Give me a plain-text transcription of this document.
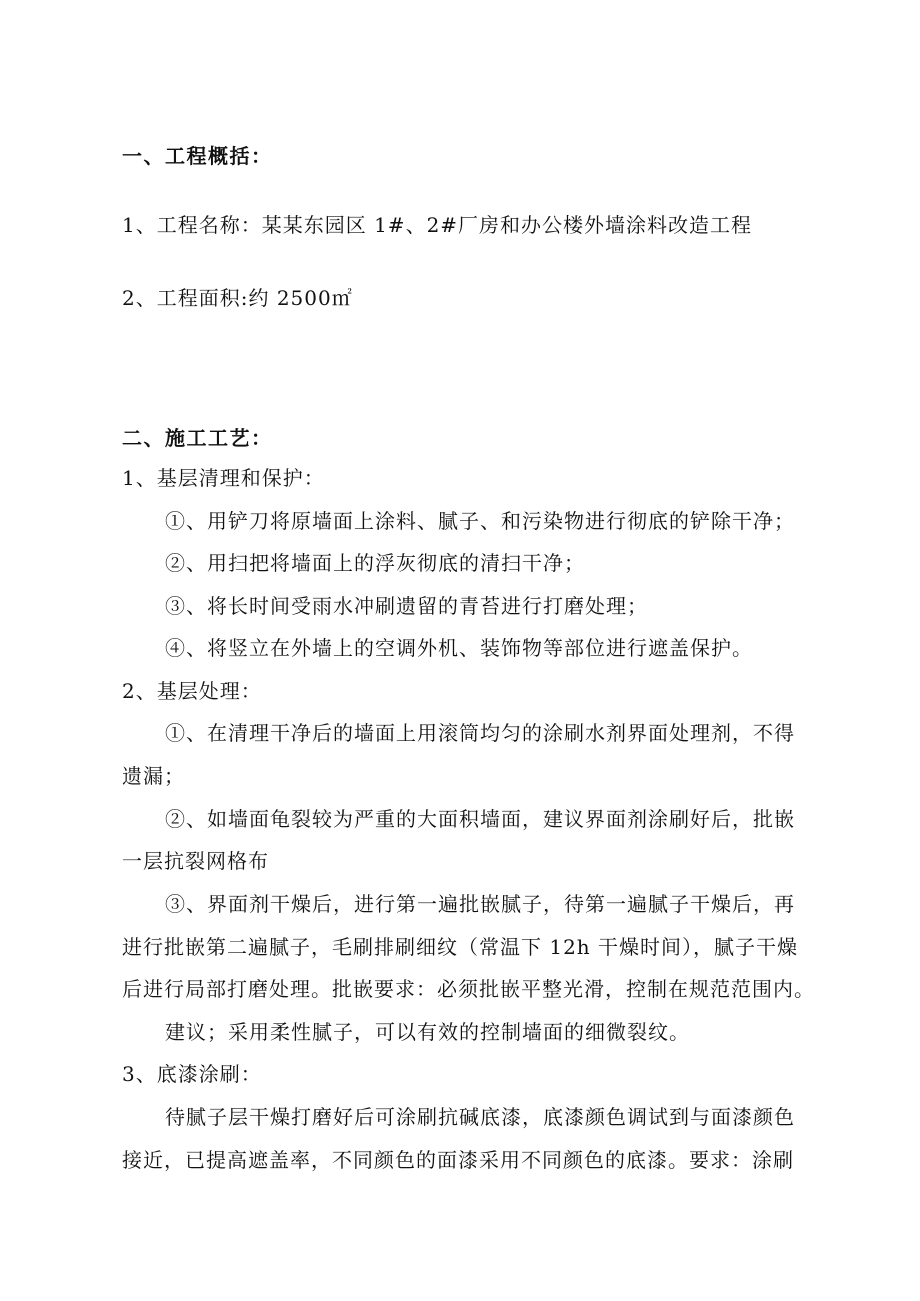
一、工程概括：
1、工程名称：某某东园区 1#、2#厂房和办公楼外墙涂料改造工程
2、工程面积:约 2500㎡
二、施工工艺：
1、基层清理和保护：
①、用铲刀将原墙面上涂料、腻子、和污染物进行彻底的铲除干净；
②、用扫把将墙面上的浮灰彻底的清扫干净；
③、将长时间受雨水冲刷遗留的青苔进行打磨处理；
④、将竖立在外墙上的空调外机、装饰物等部位进行遮盖保护。
2、基层处理：
①、在清理干净后的墙面上用滚筒均匀的涂刷水剂界面处理剂，不得
遗漏；
②、如墙面龟裂较为严重的大面积墙面，建议界面剂涂刷好后，批嵌
一层抗裂网格布
③、界面剂干燥后，进行第一遍批嵌腻子，待第一遍腻子干燥后，再
进行批嵌第二遍腻子，毛刷排刷细纹（常温下 12h 干燥时间），腻子干燥
后进行局部打磨处理。批嵌要求：必须批嵌平整光滑，控制在规范范围内。
建议；采用柔性腻子，可以有效的控制墙面的细微裂纹。
3、底漆涂刷：
待腻子层干燥打磨好后可涂刷抗碱底漆，底漆颜色调试到与面漆颜色
接近，已提高遮盖率，不同颜色的面漆采用不同颜色的底漆。要求：涂刷
